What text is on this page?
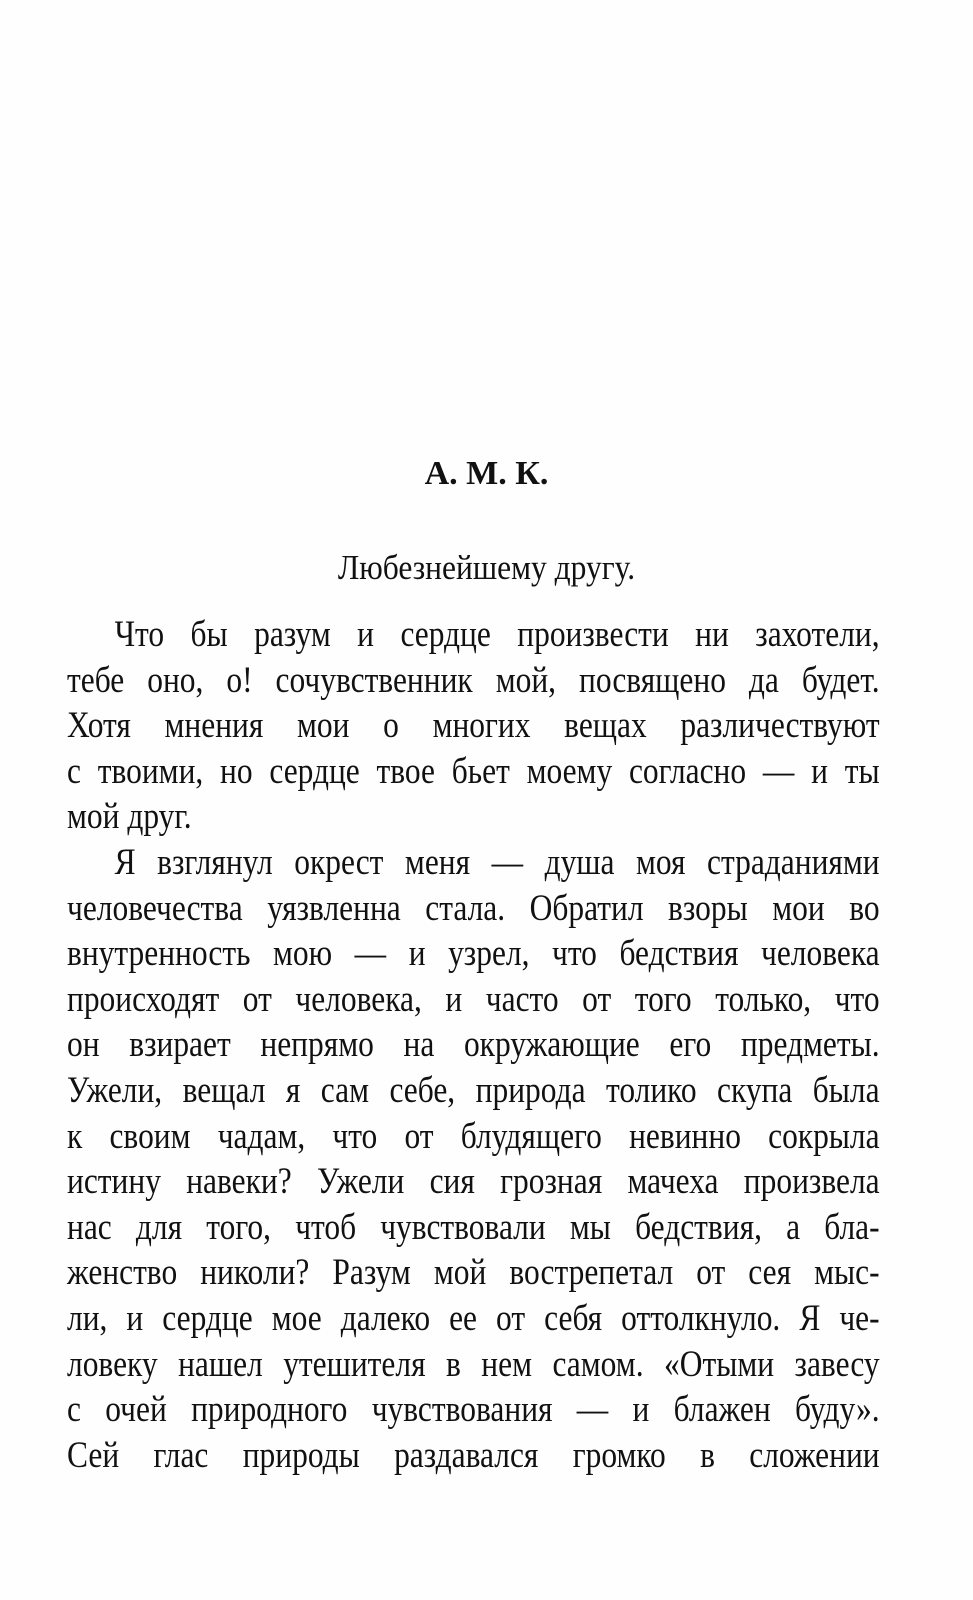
А. М. К.
Любезнейшему другу.
Что бы разум и сердце произвести ни захотели,
тебе оно, о! сочувственник мой, посвящено да будет.
Хотя мнения мои о многих вещах различествуют
с твоими, но сердце твое бьет моему согласно — и ты
мой друг.
Я взглянул окрест меня — душа моя страданиями
человечества уязвленна стала. Обратил взоры мои во
внутренность мою — и узрел, что бедствия человека
происходят от человека, и часто от того только, что
он взирает непрямо на окружающие его предметы.
Ужели, вещал я сам себе, природа толико скупа была
к своим чадам, что от блудящего невинно сокрыла
истину навеки? Ужели сия грозная мачеха произвела
нас для того, чтоб чувствовали мы бедствия, а бла-
женство николи? Разум мой вострепетал от сея мыс-
ли, и сердце мое далеко ее от себя оттолкнуло. Я че-
ловеку нашел утешителя в нем самом. «Отыми завесу
с очей природного чувствования — и блажен буду».
Сей глас природы раздавался громко в сложении
